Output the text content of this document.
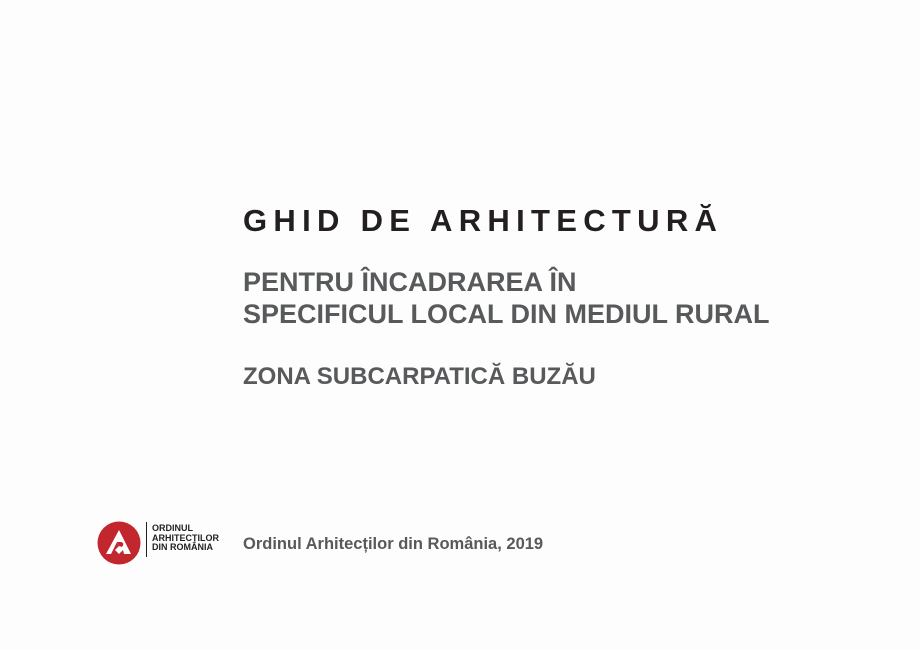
GHID DE ARHITECTURĂ
PENTRU ÎNCADRAREA ÎN
SPECIFICUL LOCAL DIN MEDIUL RURAL
ZONA SUBCARPATICĂ BUZĂU
ORDINUL
ARHITECȚILOR
DIN ROMÂNIA	Ordinul Arhitecților din România, 2019
